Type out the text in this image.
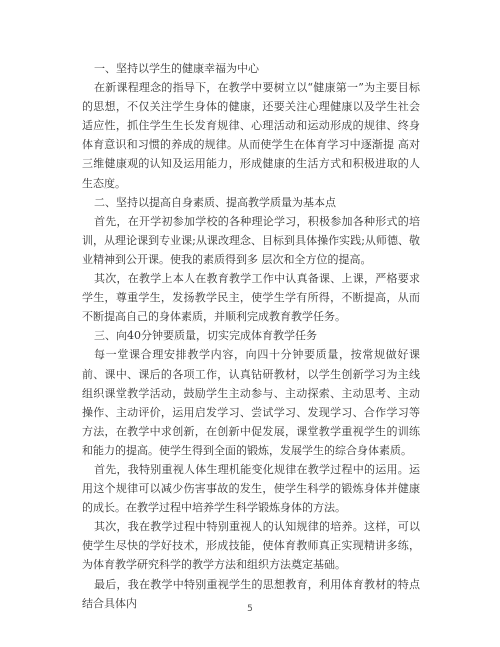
一、坚持以学生的健康幸福为中心

在新课程理念的指导下，在教学中要树立以“健康第一”为主要目标的思想，不仅关注学生身体的健康，还要关注心理健康以及学生社会适应性，抓住学生生长发育规律、心理活动和运动形成的规律、终身体育意识和习惯的养成的规律。从而使学生在体育学习中逐渐提 高对三维健康观的认知及运用能力，形成健康的生活方式和积极进取的人生态度。

二、坚持以提高自身素质、提高教学质量为基本点

首先，在开学初参加学校的各种理论学习，积极参加各种形式的培训，从理论课到专业课;从课改理念、目标到具体操作实践;从师德、敬业精神到公开课。使我的素质得到多 层次和全方位的提高。

其次，在教学上本人在教育教学工作中认真备课、上课，严格要求学生，尊重学生，发扬教学民主，使学生学有所得，不断提高，从而不断提高自己的身体素质，并顺利完成教育教学任务。

三、向40分钟要质量，切实完成体育教学任务

每一堂课合理安排教学内容，向四十分钟要质量，按常规做好课前、课中、课后的各项工作，认真钻研教材，以学生创新学习为主线组织课堂教学活动，鼓励学生主动参与、主动探索、主动思考、主动操作、主动评价，运用启发学习、尝试学习、发现学习、合作学习等 方法，在教学中求创新，在创新中促发展，课堂教学重视学生的训练和能力的提高。使学生得到全面的锻炼，发展学生的综合身体素质。

首先，我特别重视人体生理机能变化规律在教学过程中的运用。运用这个规律可以减少伤害事故的发生，使学生科学的锻炼身体并健康的成长。在教学过程中培养学生科学锻炼身体的方法。

其次，我在教学过程中特别重视人的认知规律的培养。这样，可以使学生尽快的学好技术，形成技能，使体育教师真正实现精讲多练，为体育教学研究科学的教学方法和组织方法奠定基础。

最后，我在教学中特别重视学生的思想教育，利用体育教材的特点结合具体内	5
